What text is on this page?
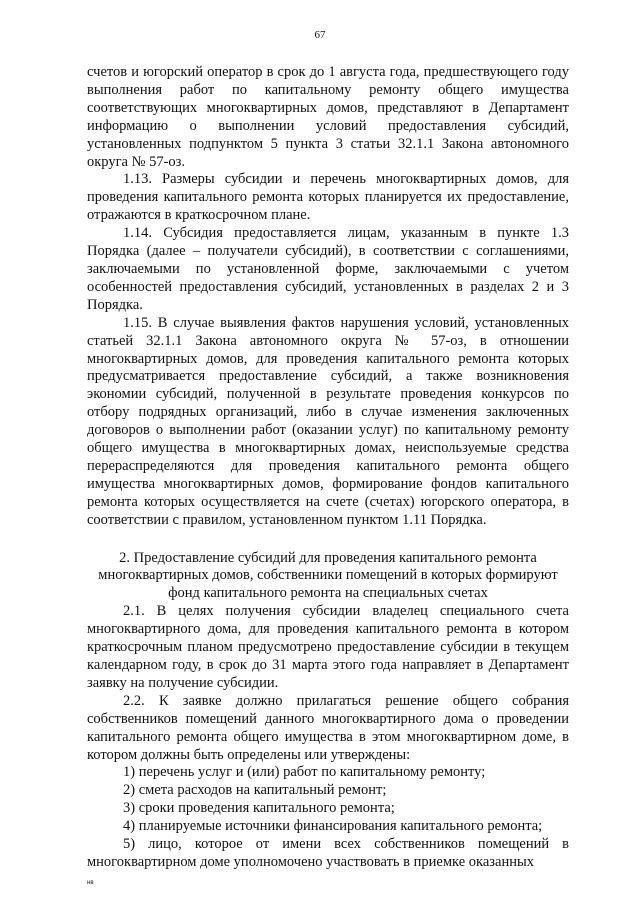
67

счетов и югорский оператор в срок до 1 августа года, предшествующего году выполнения работ по капитальному ремонту общего имущества соответствующих многоквартирных домов, представляют в Департамент информацию о выполнении условий предоставления субсидий, установленных подпунктом 5 пункта 3 статьи 32.1.1 Закона автономного округа № 57-оз.

1.13. Размеры субсидии и перечень многоквартирных домов, для проведения капитального ремонта которых планируется их предоставление, отражаются в краткосрочном плане.

1.14. Субсидия предоставляется лицам, указанным в пункте 1.3 Порядка (далее – получатели субсидий), в соответствии с соглашениями, заключаемыми по установленной форме, заключаемыми с учетом особенностей предоставления субсидий, установленных в разделах 2 и 3 Порядка.

1.15. В случае выявления фактов нарушения условий, установленных статьей 32.1.1 Закона автономного округа № 57-оз, в отношении многоквартирных домов, для проведения капитального ремонта которых предусматривается предоставление субсидий, а также возникновения экономии субсидий, полученной в результате проведения конкурсов по отбору подрядных организаций, либо в случае изменения заключенных договоров о выполнении работ (оказании услуг) по капитальному ремонту общего имущества в многоквартирных домах, неиспользуемые средства перераспределяются для проведения капитального ремонта общего имущества многоквартирных домов, формирование фондов капитального ремонта которых осуществляется на счете (счетах) югорского оператора, в соответствии с правилом, установленном пунктом 1.11 Порядка.

2. Предоставление субсидий для проведения капитального ремонта многоквартирных домов, собственники помещений в которых формируют фонд капитального ремонта на специальных счетах

2.1. В целях получения субсидии владелец специального счета многоквартирного дома, для проведения капитального ремонта в котором краткосрочным планом предусмотрено предоставление субсидии в текущем календарном году, в срок до 31 марта этого года направляет в Департамент заявку на получение субсидии.

2.2. К заявке должно прилагаться решение общего собрания собственников помещений данного многоквартирного дома о проведении капитального ремонта общего имущества в этом многоквартирном доме, в котором должны быть определены или утверждены:

1) перечень услуг и (или) работ по капитальному ремонту;

2) смета расходов на капитальный ремонт;

3) сроки проведения капитального ремонта;

4) планируемые источники финансирования капитального ремонта;

5) лицо, которое от имени всех собственников помещений в многоквартирном доме уполномочено участвовать в приемке оказанных

нв
